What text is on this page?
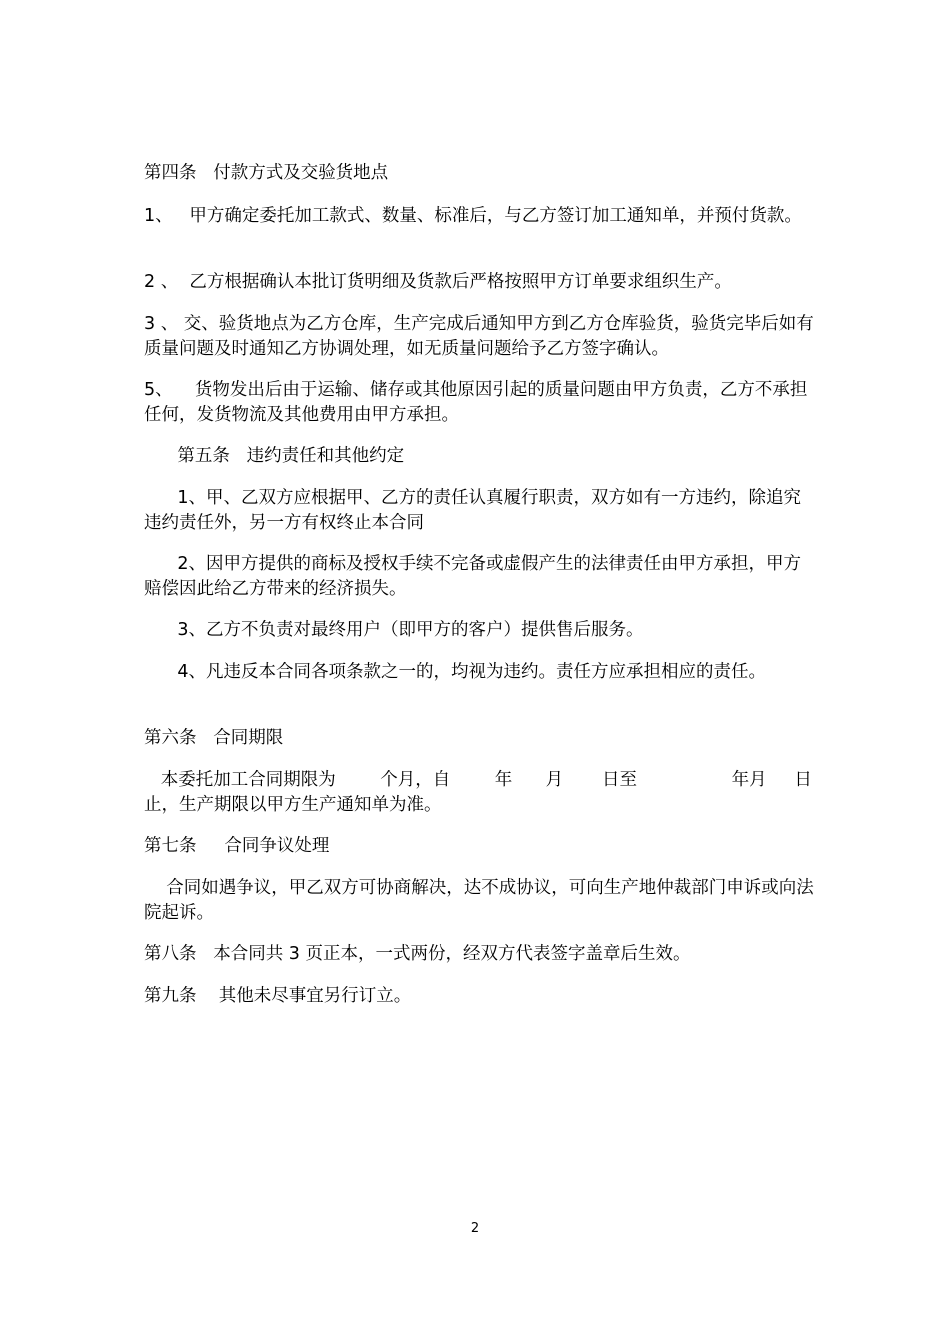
第四条   付款方式及交验货地点

1、   甲方确定委托加工款式、数量、标准后，与乙方签订加工通知单，并预付货款。

2 、  乙方根据确认本批订货明细及货款后严格按照甲方订单要求组织生产。

3 、 交、验货地点为乙方仓库，生产完成后通知甲方到乙方仓库验货，验货完毕后如有质量问题及时通知乙方协调处理，如无质量问题给予乙方签字确认。

5、    货物发出后由于运输、储存或其他原因引起的质量问题由甲方负责，乙方不承担任何，发货物流及其他费用由甲方承担。

第五条   违约责任和其他约定

1、甲、乙双方应根据甲、乙方的责任认真履行职责，双方如有一方违约，除追究违约责任外，另一方有权终止本合同

2、因甲方提供的商标及授权手续不完备或虚假产生的法律责任由甲方承担，甲方赔偿因此给乙方带来的经济损失。

3、乙方不负责对最终用户（即甲方的客户）提供售后服务。

4、凡违反本合同各项条款之一的，均视为违约。责任方应承担相应的责任。

第六条   合同期限

本委托加工合同期限为        个月，自        年      月       日至                 年月     日止，生产期限以甲方生产通知单为准。

第七条     合同争议处理

合同如遇争议，甲乙双方可协商解决，达不成协议，可向生产地仲裁部门申诉或向法院起诉。

第八条   本合同共 3 页正本，一式两份，经双方代表签字盖章后生效。

第九条    其他未尽事宜另行订立。

2
